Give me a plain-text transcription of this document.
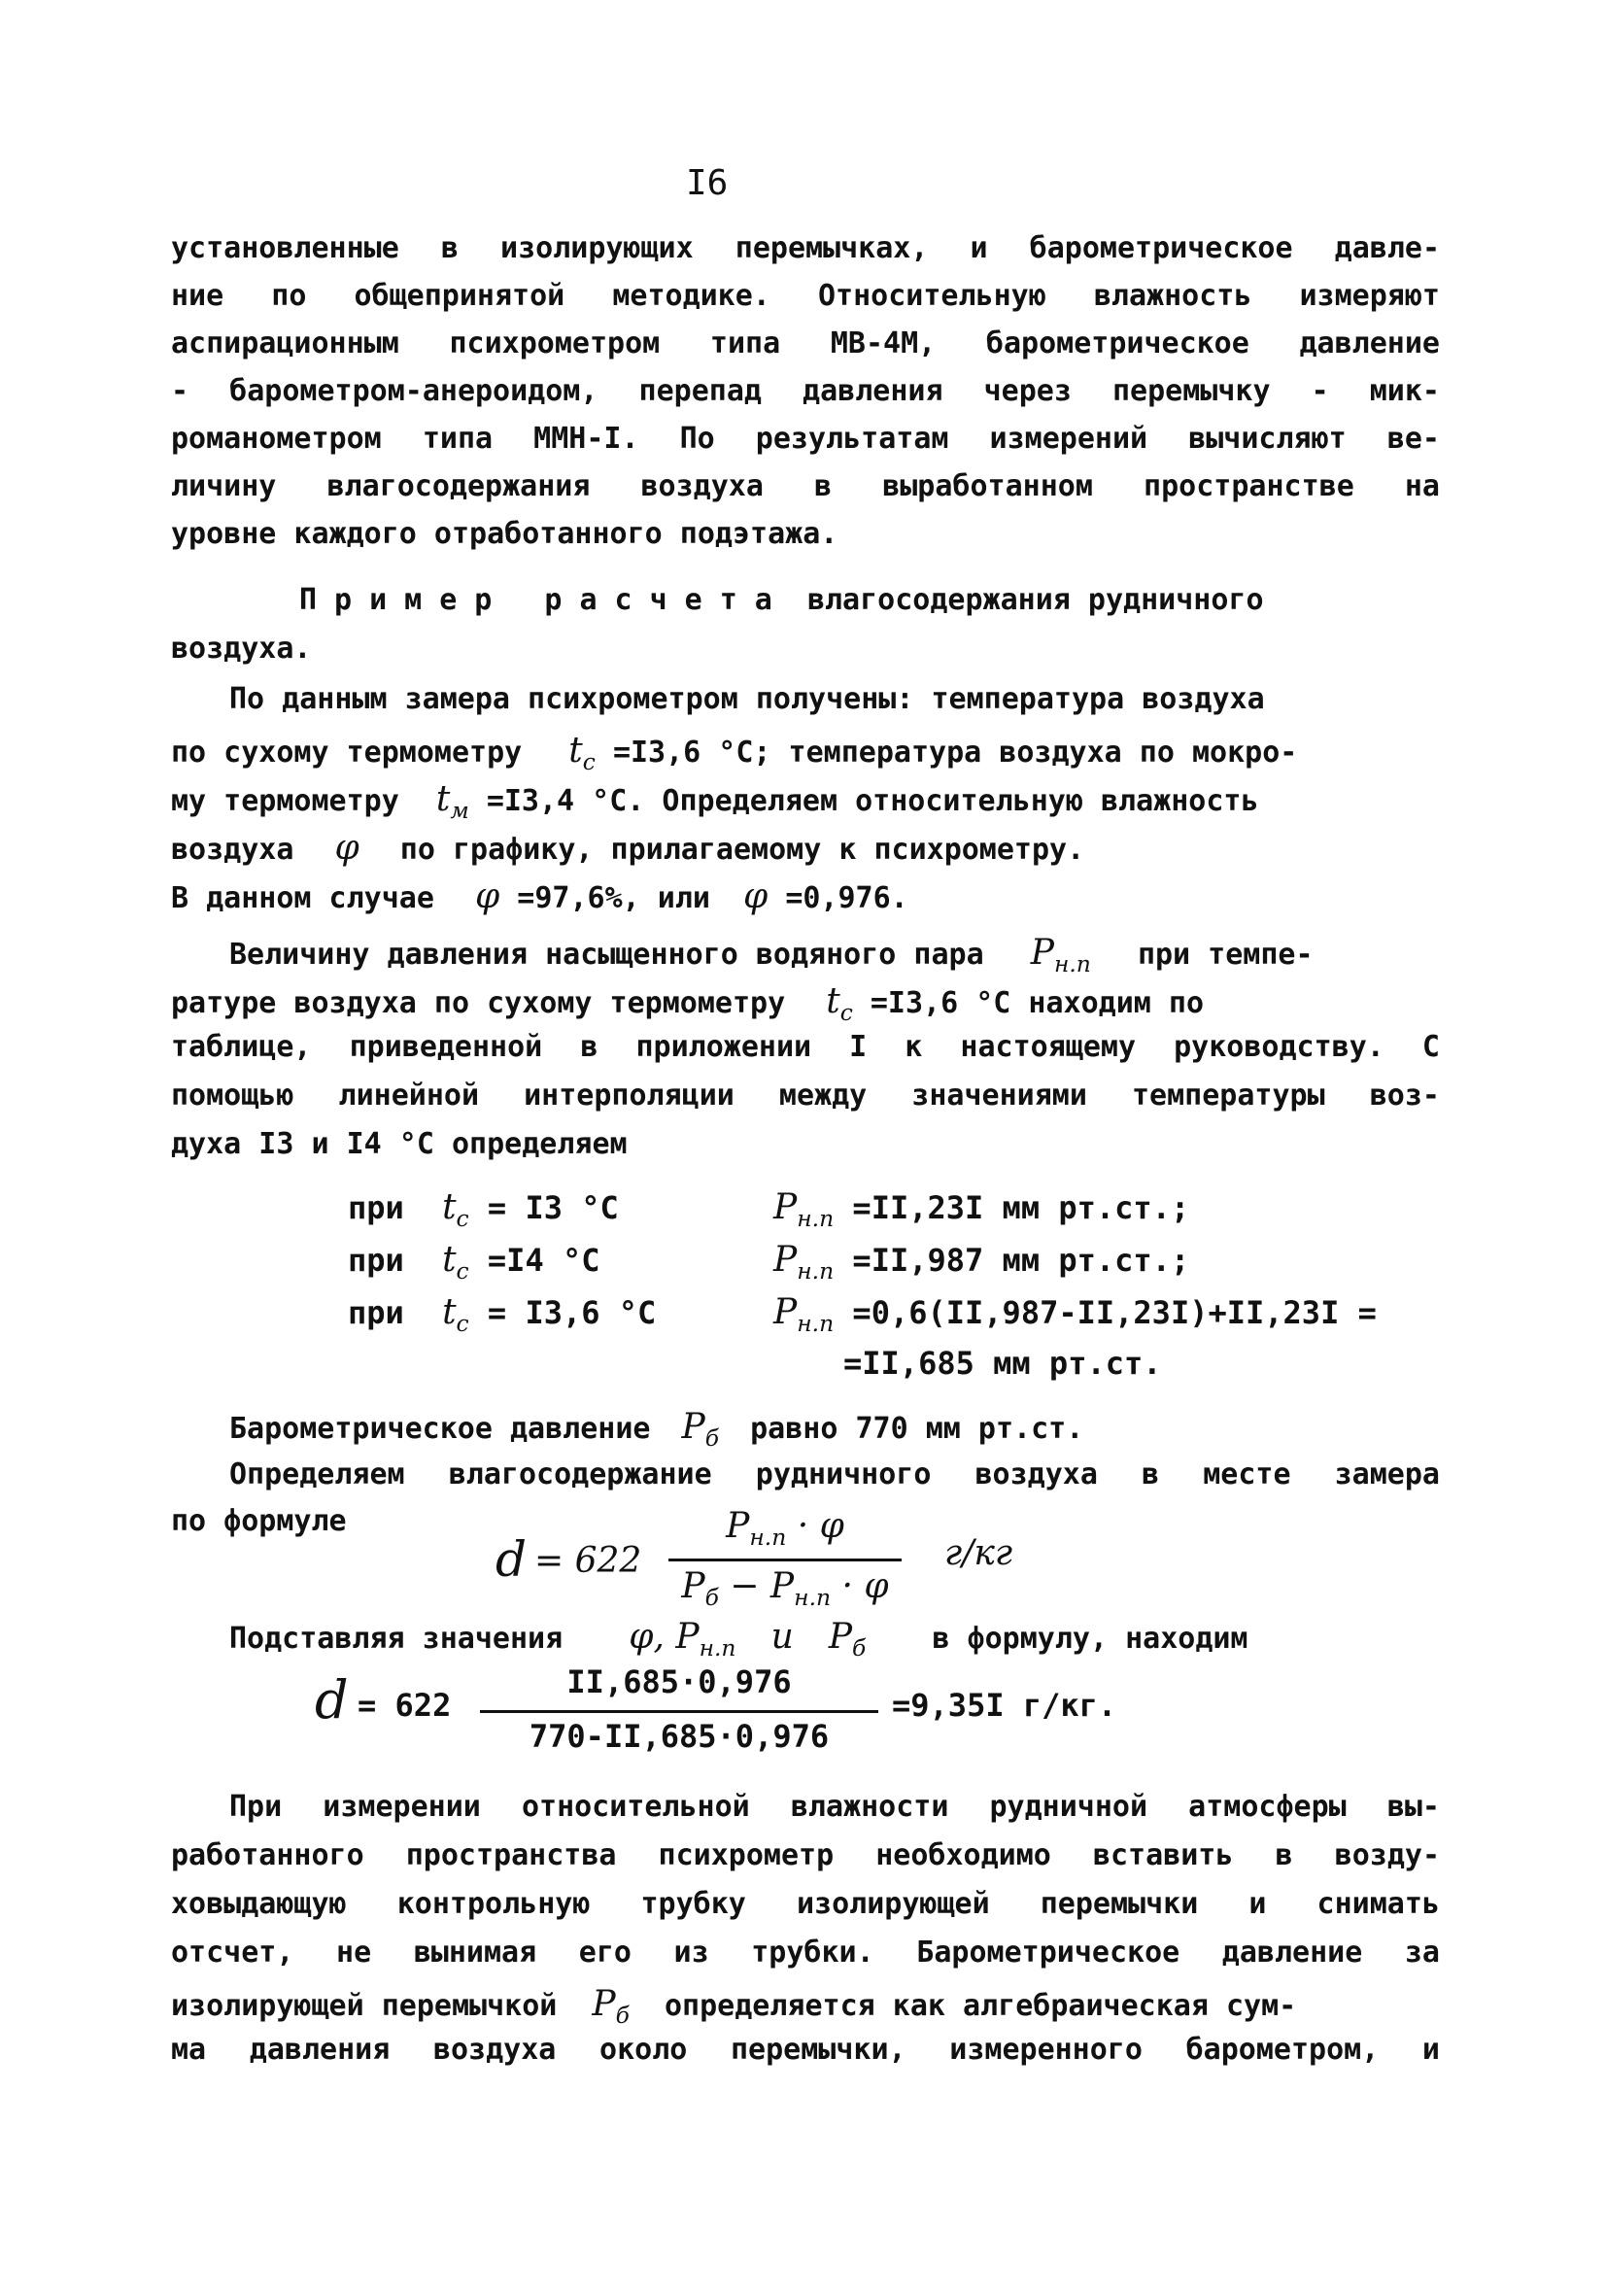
I6
установленные в изолирующих перемычках, и барометрическое давле-
ние по общепринятой методике. Относительную влажность измеряют
аспирационным психрометром типа МВ-4М, барометрическое давление
- барометром-анероидом, перепад давления через перемычку - мик-
романометром типа ММН-I. По результатам измерений вычисляют ве-
личину влагосодержания воздуха в выработанном пространстве на
уровне каждого отработанного подэтажа.
Пример расчета влагосодержания рудничного
воздуха.
По данным замера психрометром получены: температура воздуха
по сухому термометру $t_с =I3,6$ °С; температура воздуха по мокро-
му термометру $t_м =I3,4$ °С. Определяем относительную влажность
воздуха φ по графику, прилагаемому к психрометру.
В данном случае φ =97,6%, или φ =0,976.
Величину давления насыщенного водяного пара $P_{н.п}$ при темпе-
ратуре воздуха по сухому термометру $t_с =I3,6$ °С находим по
таблице, приведенной в приложении I к настоящему руководству. С
помощью линейной интерполяции между значениями температуры воз-
духа I3 и I4 °С определяем
при $t_с = I3$ °С	$P_{н.п} =II,23I$ мм рт.ст.;
при $t_с =I4$ °С	$P_{н.п} =II,987$ мм рт.ст.;
при $t_с = I3,6$ °С	$P_{н.п} =0,6(II,987-II,23I)+II,23I$ =
=II,685 мм рт.ст.
Барометрическое давление $P_б$ равно 770 мм рт.ст.
Определяем влагосодержание рудничного воздуха в месте замера
по формуле
d = 622
$P_{н.п} \cdot \varphi$
$P_б - P_{н.п} \cdot \varphi$
г/кг
Подставляя значения φ, $P_{н.п}$ и $P_б$ в формулу, находим
d = 622
II,685·0,976
770-II,685·0,976
=9,35I г/кг.
При измерении относительной влажности рудничной атмосферы вы-
работанного пространства психрометр необходимо вставить в возду-
ховыдающую контрольную трубку изолирующей перемычки и снимать
отсчет, не вынимая его из трубки. Барометрическое давление за
изолирующей перемычкой $P_б$ определяется как алгебраическая сум-
ма давления воздуха около перемычки, измеренного барометром, и
